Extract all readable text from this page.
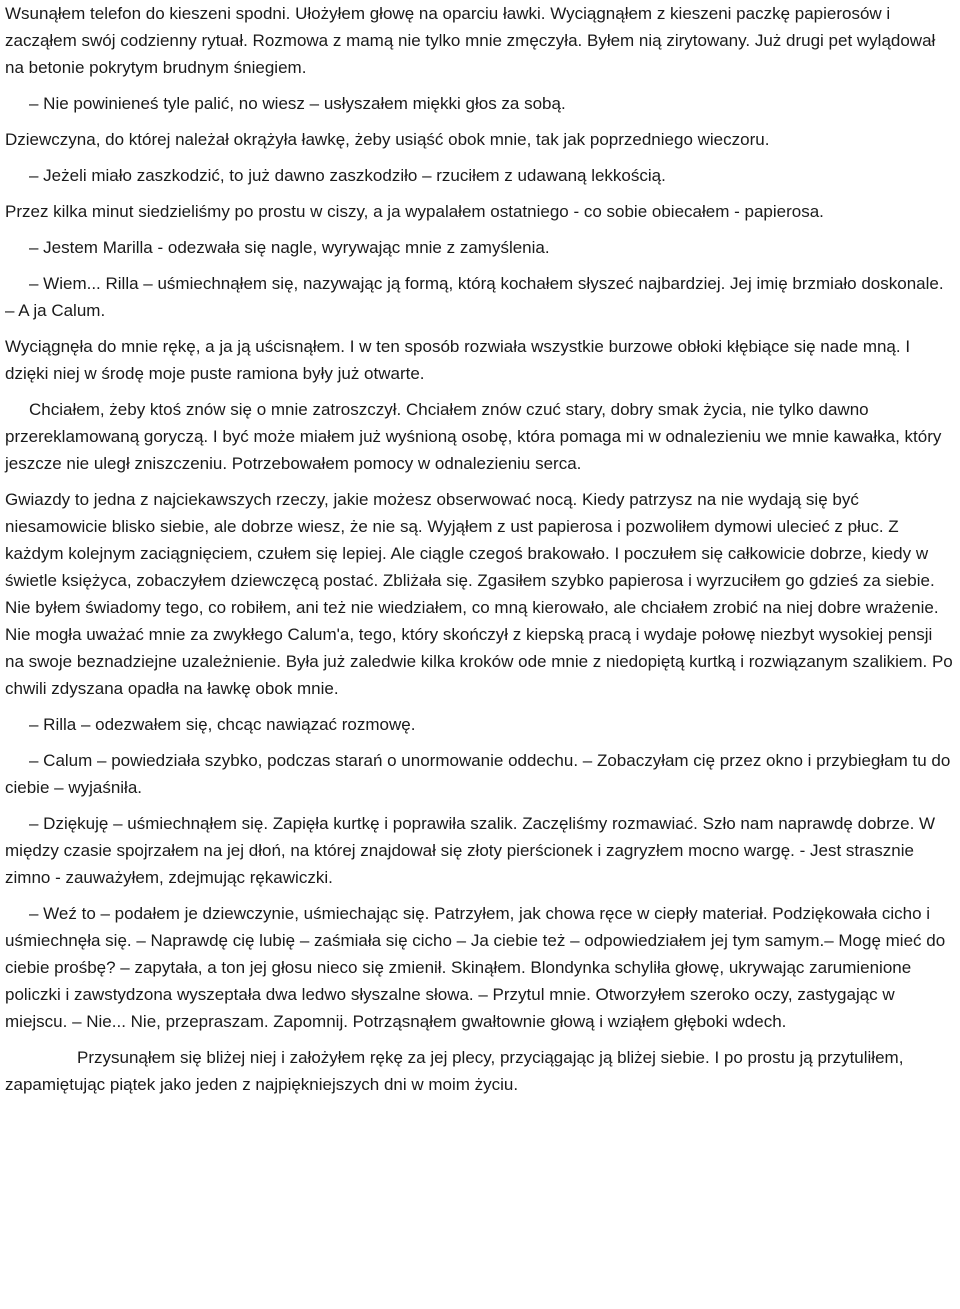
Wsunąłem telefon do kieszeni spodni. Ułożyłem głowę na oparciu ławki. Wyciągnąłem z kieszeni paczkę papierosów i zacząłem swój codzienny rytuał. Rozmowa z mamą nie tylko mnie zmęczyła. Byłem nią zirytowany. Już drugi pet wylądował na betonie pokrytym brudnym śniegiem.

– Nie powinieneś tyle palić, no wiesz – usłyszałem miękki głos za sobą.

Dziewczyna, do której należał okrążyła ławkę, żeby usiąść obok mnie, tak jak poprzedniego wieczoru.

– Jeżeli miało zaszkodzić, to już dawno zaszkodziło – rzuciłem z udawaną lekkością.

Przez kilka minut siedzieliśmy po prostu w ciszy, a ja wypalałem ostatniego - co sobie obiecałem - papierosa.

– Jestem Marilla - odezwała się nagle, wyrywając mnie z zamyślenia.

– Wiem... Rilla – uśmiechnąłem się, nazywając ją formą, którą kochałem słyszeć najbardziej. Jej imię brzmiało doskonale. – A ja Calum.

Wyciągnęła do mnie rękę, a ja ją uścisnąłem. I w ten sposób rozwiała wszystkie burzowe obłoki kłębiące się nade mną. I dzięki niej w środę moje puste ramiona były już otwarte.

Chciałem, żeby ktoś znów się o mnie zatroszczył. Chciałem znów czuć stary, dobry smak życia, nie tylko dawno przereklamowaną goryczą. I być może miałem już wyśnioną osobę, która pomaga mi w odnalezieniu we mnie kawałka, który jeszcze nie uległ zniszczeniu. Potrzebowałem pomocy w odnalezieniu serca.

Gwiazdy to jedna z najciekawszych rzeczy, jakie możesz obserwować nocą. Kiedy patrzysz na nie wydają się być niesamowicie blisko siebie, ale dobrze wiesz, że nie są. Wyjąłem z ust papierosa i pozwoliłem dymowi ulecieć z płuc. Z każdym kolejnym zaciągnięciem, czułem się lepiej. Ale ciągle czegoś brakowało. I poczułem się całkowicie dobrze, kiedy w świetle księżyca, zobaczyłem dziewczęcą postać. Zbliżała się. Zgasiłem szybko papierosa i wyrzuciłem go gdzieś za siebie. Nie byłem świadomy tego, co robiłem, ani też nie wiedziałem, co mną kierowało, ale chciałem zrobić na niej dobre wrażenie. Nie mogła uważać mnie za zwykłego Calum'a, tego, który skończył z kiepską pracą i wydaje połowę niezbyt wysokiej pensji na swoje beznadziejne uzależnienie. Była już zaledwie kilka kroków ode mnie z niedopiętą kurtką i rozwiązanym szalikiem. Po chwili zdyszana opadła na ławkę obok mnie.

– Rilla – odezwałem się, chcąc nawiązać rozmowę.

– Calum – powiedziała szybko, podczas starań o unormowanie oddechu. – Zobaczyłam cię przez okno i przybiegłam tu do ciebie – wyjaśniła.

– Dziękuję – uśmiechnąłem się. Zapięła kurtkę i poprawiła szalik. Zaczęliśmy rozmawiać. Szło nam naprawdę dobrze. W między czasie spojrzałem na jej dłoń, na której znajdował się złoty pierścionek i zagryzłem mocno wargę. - Jest strasznie zimno - zauważyłem, zdejmując rękawiczki.

– Weź to – podałem je dziewczynie, uśmiechając się. Patrzyłem, jak chowa ręce w ciepły materiał. Podziękowała cicho i uśmiechnęła się. – Naprawdę cię lubię – zaśmiała się cicho – Ja ciebie też – odpowiedziałem jej tym samym.– Mogę mieć do ciebie prośbę? – zapytała, a ton jej głosu nieco się zmienił. Skinąłem. Blondynka schyliła głowę, ukrywając zarumienione policzki i zawstydzona wyszeptała dwa ledwo słyszalne słowa. – Przytul mnie. Otworzyłem szeroko oczy, zastygając w miejscu. – Nie... Nie, przepraszam. Zapomnij. Potrząsnąłem gwałtownie głową i wziąłem głęboki wdech.

Przysunąłem się bliżej niej i założyłem rękę za jej plecy, przyciągając ją bliżej siebie. I po prostu ją przytuliłem, zapamiętując piątek jako jeden z najpiękniejszych dni w moim życiu.
